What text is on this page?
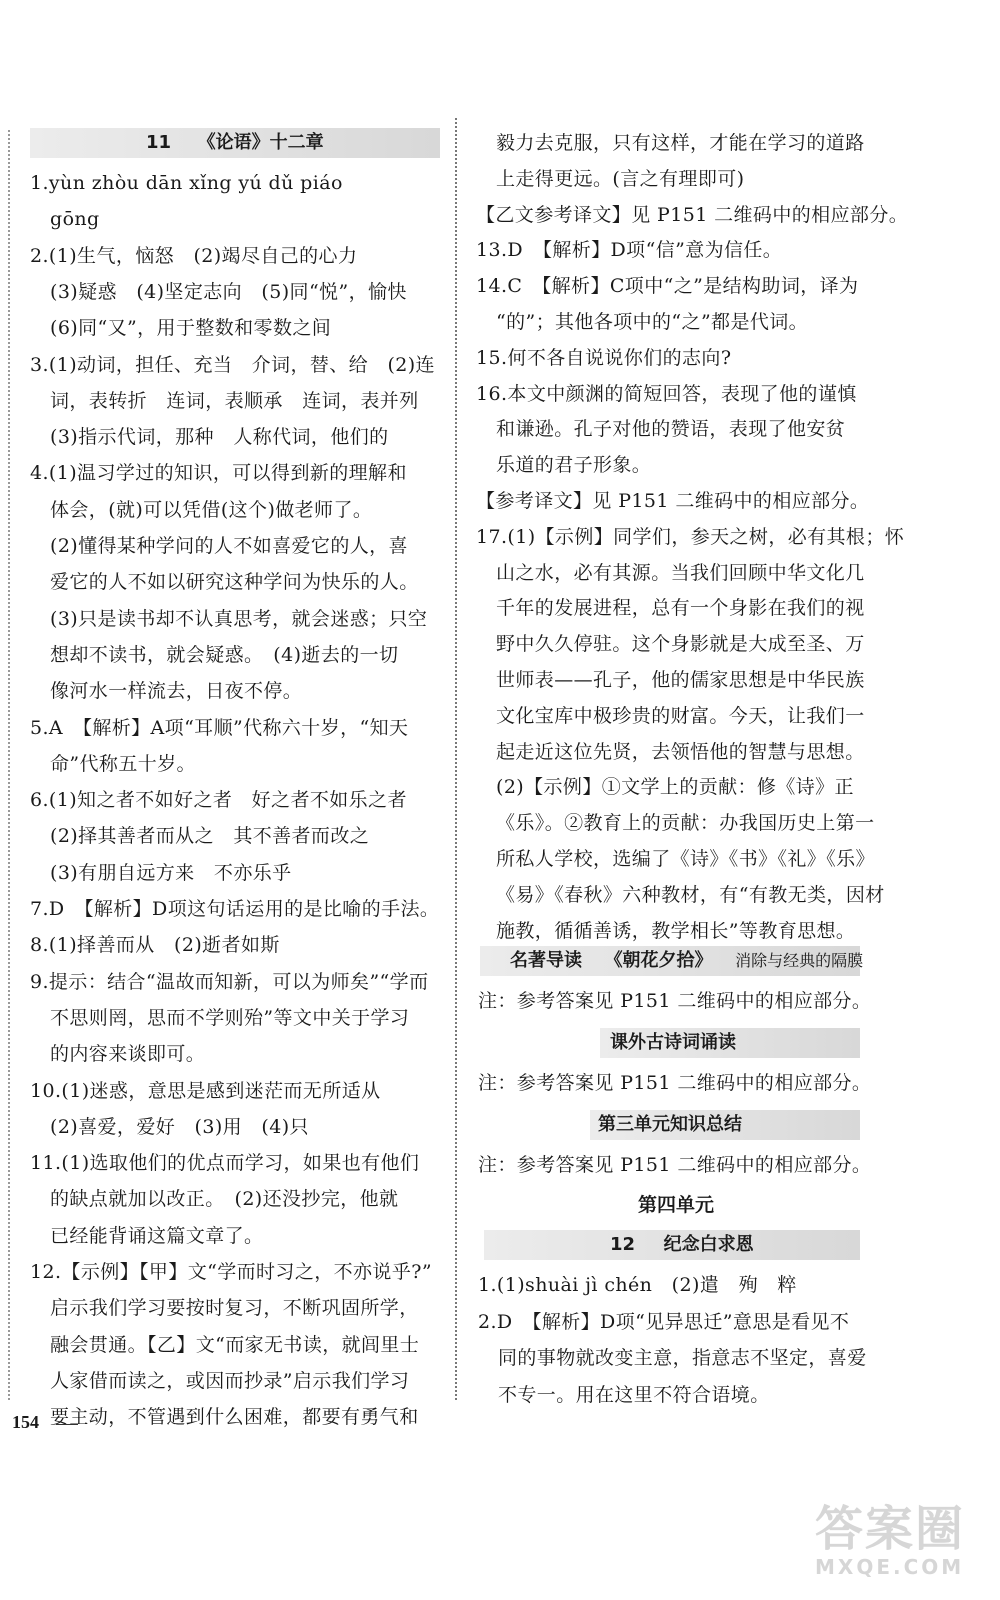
11 《论语》十二章
1.yùn zhòu dān xǐng yú dǔ piáo
gōng
2.(1)生气，恼怒　(2)竭尽自己的心力
(3)疑惑　(4)坚定志向　(5)同“悦”，愉快
(6)同“又”，用于整数和零数之间
3.(1)动词，担任、充当　介词，替、给　(2)连
词，表转折　连词，表顺承　连词，表并列
(3)指示代词，那种　人称代词，他们的
4.(1)温习学过的知识，可以得到新的理解和
体会，(就)可以凭借(这个)做老师了。
(2)懂得某种学问的人不如喜爱它的人，喜
爱它的人不如以研究这种学问为快乐的人。
(3)只是读书却不认真思考，就会迷惑；只空
想却不读书，就会疑惑。　(4)逝去的一切
像河水一样流去，日夜不停。
5.A　【解析】A项“耳顺”代称六十岁，“知天
命”代称五十岁。
6.(1)知之者不如好之者　好之者不如乐之者
(2)择其善者而从之　其不善者而改之
(3)有朋自远方来　不亦乐乎
7.D　【解析】D项这句话运用的是比喻的手法。
8.(1)择善而从　(2)逝者如斯
9.提示：结合“温故而知新，可以为师矣”“学而
不思则罔，思而不学则殆”等文中关于学习
的内容来谈即可。
10.(1)迷惑，意思是感到迷茫而无所适从
(2)喜爱，爱好　(3)用　(4)只
11.(1)选取他们的优点而学习，如果也有他们
的缺点就加以改正。　(2)还没抄完，他就
已经能背诵这篇文章了。
12.【示例】【甲】文“学而时习之，不亦说乎?”
启示我们学习要按时复习，不断巩固所学，
融会贯通。【乙】文“而家无书读，就闾里士
人家借而读之，或因而抄录”启示我们学习
要主动，不管遇到什么困难，都要有勇气和
毅力去克服，只有这样，才能在学习的道路
上走得更远。(言之有理即可)
【乙文参考译文】见 P151 二维码中的相应部分。
13.D　【解析】D项“信”意为信任。
14.C　【解析】C项中“之”是结构助词，译为
“的”；其他各项中的“之”都是代词。
15.何不各自说说你们的志向?
16.本文中颜渊的简短回答，表现了他的谨慎
和谦逊。孔子对他的赞语，表现了他安贫
乐道的君子形象。
【参考译文】见 P151 二维码中的相应部分。
17.(1)【示例】同学们，参天之树，必有其根；怀
山之水，必有其源。当我们回顾中华文化几
千年的发展进程，总有一个身影在我们的视
野中久久停驻。这个身影就是大成至圣、万
世师表——孔子，他的儒家思想是中华民族
文化宝库中极珍贵的财富。今天，让我们一
起走近这位先贤，去领悟他的智慧与思想。
(2)【示例】①文学上的贡献：修《诗》正
《乐》。②教育上的贡献：办我国历史上第一
所私人学校，选编了《诗》《书》《礼》《乐》
《易》《春秋》六种教材，有“有教无类，因材
施教，循循善诱，教学相长”等教育思想。
名著导读 《朝花夕拾》 消除与经典的隔膜
注：参考答案见 P151 二维码中的相应部分。
课外古诗词诵读
注：参考答案见 P151 二维码中的相应部分。
第三单元知识总结
注：参考答案见 P151 二维码中的相应部分。
第四单元
12 纪念白求恩
1.(1)shuài jì chén　(2)遣　殉　粹
2.D　【解析】D项“见异思迁”意思是看见不
同的事物就改变主意，指意志不坚定，喜爱
不专一。用在这里不符合语境。
154
答案圈
MXQE.COM
